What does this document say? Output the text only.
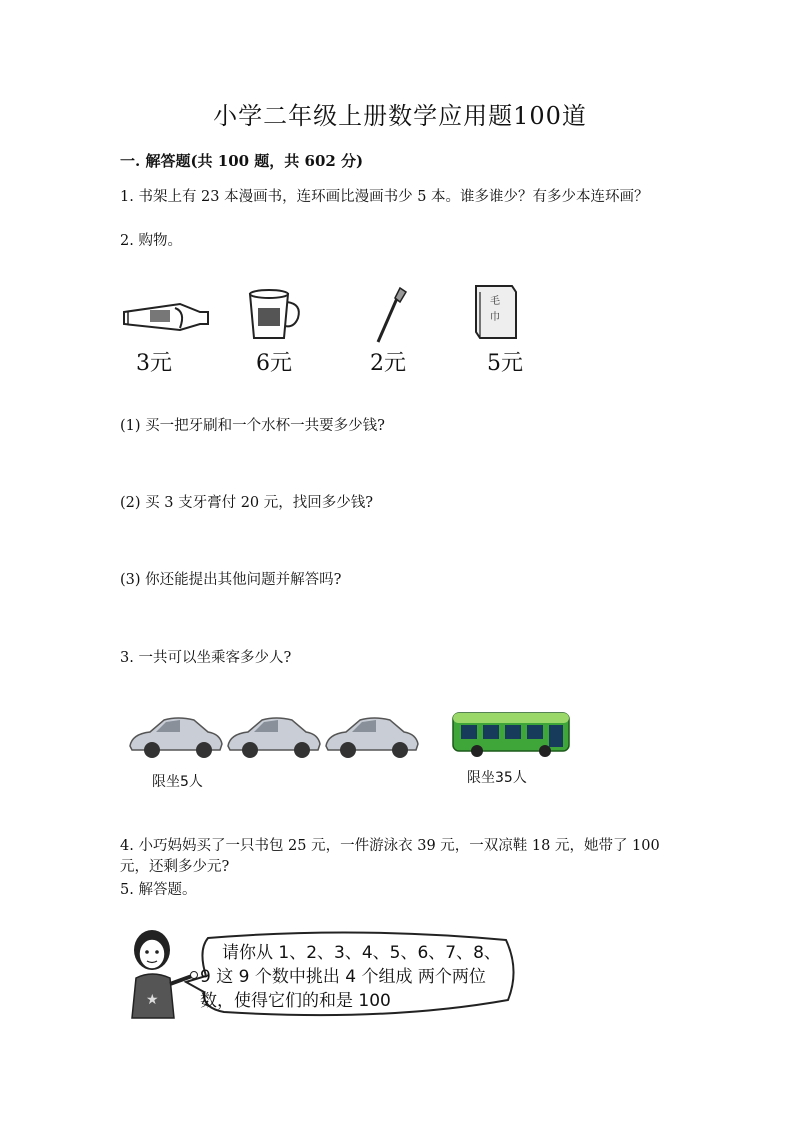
小学二年级上册数学应用题100道
一. 解答题(共 100 题，共 602 分)
1. 书架上有 23 本漫画书，连环画比漫画书少 5 本。谁多谁少？有多少本连环画？
2. 购物。
3元	6元	2元
毛
巾
5元
(1) 买一把牙刷和一个水杯一共要多少钱?
(2) 买 3 支牙膏付 20 元，找回多少钱?
(3) 你还能提出其他问题并解答吗?
3. 一共可以坐乘客多少人?
限坐5人	限坐35人
4. 小巧妈妈买了一只书包 25 元，一件游泳衣 39 元，一双凉鞋 18 元，她带了 100 元，还剩多少元?
5. 解答题。
★
请你从 1、2、3、4、5、6、7、8、
9 这 9 个数中挑出 4 个组成 两个两位
数，使得它们的和是 100
